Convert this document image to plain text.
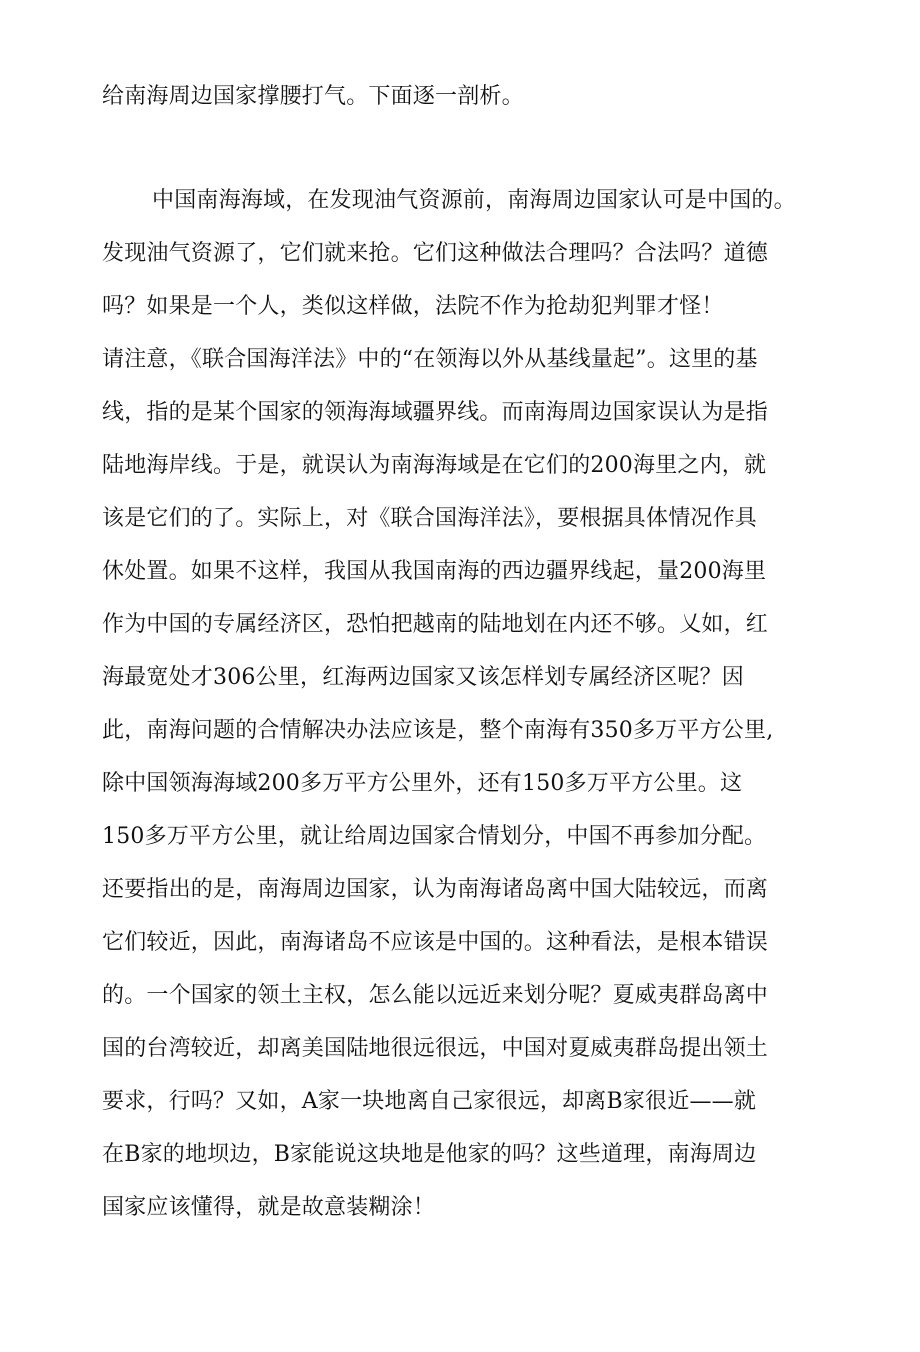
给南海周边国家撑腰打气。下面逐一剖析。
中国南海海域，在发现油气资源前，南海周边国家认可是中国的。
发现油气资源了，它们就来抢。它们这种做法合理吗？合法吗？道德
吗？如果是一个人，类似这样做，法院不作为抢劫犯判罪才怪！
请注意，《联合国海洋法》中的“在领海以外从基线量起”。这里的基
线，指的是某个国家的领海海域疆界线。而南海周边国家误认为是指
陆地海岸线。于是，就误认为南海海域是在它们的200海里之内，就
该是它们的了。实际上，对《联合国海洋法》，要根据具体情况作具
休处置。如果不这样，我国从我国南海的西边疆界线起，量200海里
作为中国的专属经济区，恐怕把越南的陆地划在内还不够。乂如，红
海最宽处才306公里，红海两边国家又该怎样划专属经济区呢？因
此，南海问题的合情解决办法应该是，整个南海有350多万平方公里,
除中国领海海域200多万平方公里外，还有150多万平方公里。这
150多万平方公里，就让给周边国家合情划分，中国不再参加分配。
还要指出的是，南海周边国家，认为南海诸岛离中国大陆较远，而离
它们较近，因此，南海诸岛不应该是中国的。这种看法，是根本错误
的。一个国家的领土主权，怎么能以远近来划分呢？夏威夷群岛离中
国的台湾较近，却离美国陆地很远很远，中国对夏威夷群岛提出领土
要求，行吗？又如，A家一块地离自己家很远，却离B家很近——就
在B家的地坝边，B家能说这块地是他家的吗？这些道理，南海周边
国家应该懂得，就是故意装糊涂！
